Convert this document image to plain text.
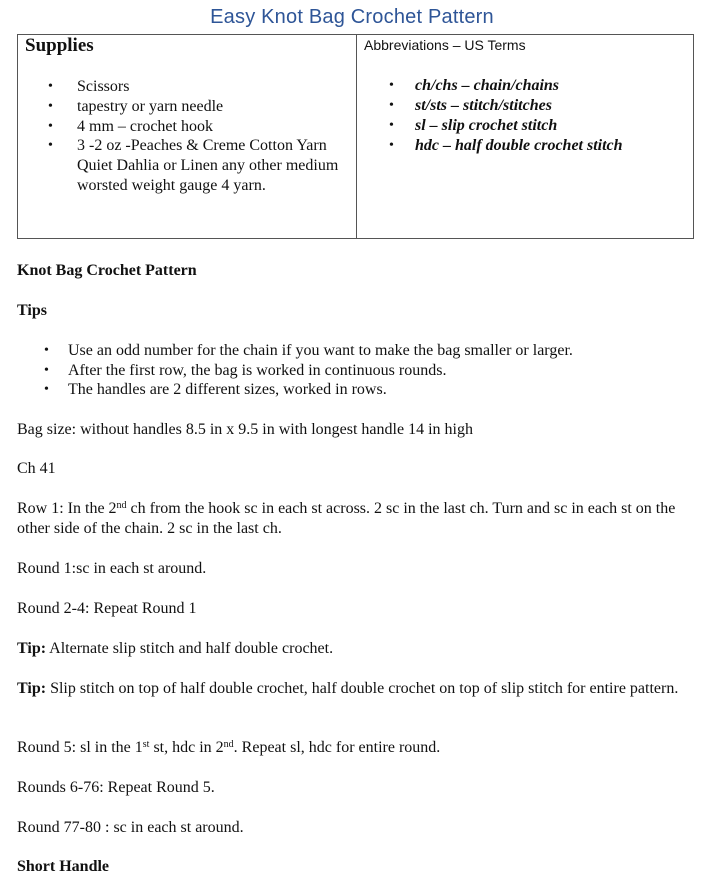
Easy Knot Bag Crochet Pattern
Supplies
• Scissors
• tapestry or yarn needle
• 4 mm – crochet hook
• 3 -2 oz -Peaches & Creme Cotton Yarn Quiet Dahlia or Linen any other medium worsted weight gauge 4 yarn.
Abbreviations – US Terms
• ch/chs – chain/chains
• st/sts – stitch/stitches
• sl – slip crochet stitch
• hdc – half double crochet stitch
Knot Bag Crochet Pattern
Tips
• Use an odd number for the chain if you want to make the bag smaller or larger.
• After the first row, the bag is worked in continuous rounds.
• The handles are 2 different sizes, worked in rows.
Bag size: without handles 8.5 in x 9.5 in with longest handle 14 in high
Ch 41
Row 1: In the 2nd ch from the hook sc in each st across. 2 sc in the last ch. Turn and sc in each st on the other side of the chain. 2 sc in the last ch.
Round 1:sc in each st around.
Round 2-4: Repeat Round 1
Tip: Alternate slip stitch and half double crochet.
Tip: Slip stitch on top of half double crochet, half double crochet on top of slip stitch for entire pattern.
Round 5: sl in the 1st st, hdc in 2nd. Repeat sl, hdc for entire round.
Rounds 6-76: Repeat Round 5.
Round 77-80 : sc in each st around.
Short Handle
